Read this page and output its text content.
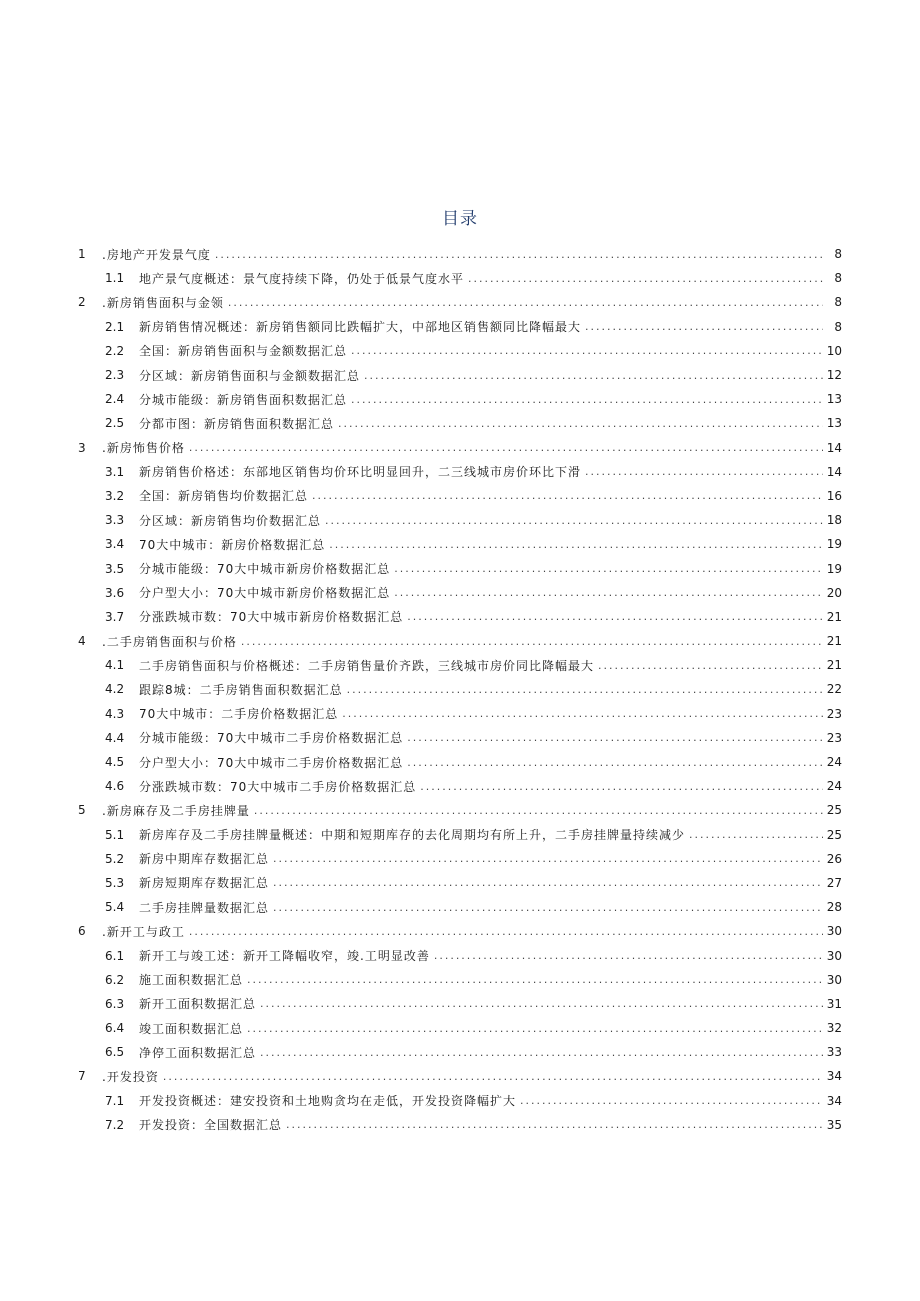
目录
1	.房地产开发景气度 .....	8
1.1	地产景气度概述：景气度持续下降，仍处于低景气度水平 .....	8
2	.新房销售面积与金领 .....	8
2.1	新房销售情况概述：新房销售额同比跌幅扩大，中部地区销售额同比降幅最大 .....	8
2.2	全国：新房销售面积与金额数据汇总 .....	10
2.3	分区域：新房销售面积与金额数据汇总 .....	12
2.4	分城市能级：新房销售面积数据汇总 .....	13
2.5	分都市图：新房销售面积数据汇总 .....	13
3	.新房怖售价格 .....	14
3.1	新房销售价格述：东部地区销售均价环比明显回升，二三线城市房价环比下滑 .....	14
3.2	全国：新房销售均价数据汇总 .....	16
3.3	分区域：新房销售均价数据汇总 .....	18
3.4	70大中城市：新房价格数据汇总 .....	19
3.5	分城市能级：70大中城市新房价格数据汇总 .....	19
3.6	分户型大小：70大中城市新房价格数据汇总 .....	20
3.7	分涨跌城市数：70大中城市新房价格数据汇总 .....	21
4	.二手房销售面积与价格 .....	21
4.1	二手房销售面积与价格概述：二手房销售量价齐跌，三线城市房价同比降幅最大 .....	21
4.2	跟踪8城：二手房销售面积数据汇总 .....	22
4.3	70大中城市：二手房价格数据汇总 .....	23
4.4	分城市能级：70大中城市二手房价格数据汇总 .....	23
4.5	分户型大小：70大中城市二手房价格数据汇总 .....	24
4.6	分涨跌城市数：70大中城市二手房价格数据汇总 .....	24
5	.新房麻存及二手房挂牌量 .....	25
5.1	新房库存及二手房挂牌量概述：中期和短期库存的去化周期均有所上升，二手房挂牌量持续减少 .....	25
5.2	新房中期库存数据汇总 .....	26
5.3	新房短期库存数据汇总 .....	27
5.4	二手房挂牌量数据汇总 .....	28
6	.新开工与政工 .....	30
6.1	新开工与竣工述：新开工降幅收窄，竣.工明显改善 .....	30
6.2	施工面积数据汇总 .....	30
6.3	新开工面积数据汇总 .....	31
6.4	竣工面积数据汇总 .....	32
6.5	净停工面积数据汇总 .....	33
7	.开发投资 .....	34
7.1	开发投资概述：建安投资和土地购贪均在走低，开发投资降幅扩大 .....	34
7.2	开发投资：全国数据汇总 .....	35
